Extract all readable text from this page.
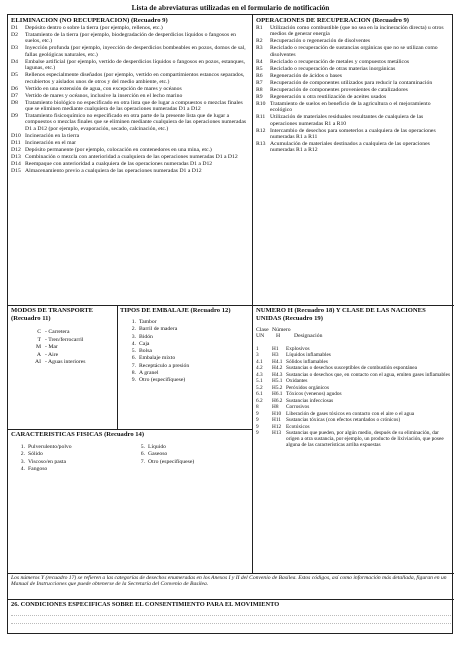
Lista de abreviaturas utilizadas en el formulario de notificación
ELIMINACION (NO RECUPERACION) (Recuadro 9)
D1	Depósito dentro o sobre la tierra (por ejemplo, rellenos, etc.)
D2	Tratamiento de la tierra (por ejemplo, biodegradación de desperdicios líquidos o fangosos en suelos, etc.)
D3	Inyección profunda (por ejemplo, inyección de desperdicios bombeables en pozos, domos de sal, fallas geológicas naturales, etc.)
D4	Embalse artificial (por ejemplo, vertido de desperdicios líquidos o fangosos en pozos, estanques, lagunas, etc.)
D5	Rellenos especialmente diseñados (por ejemplo, vertido en compartimientos estancos separados, recubiertos y aislados unos de otros y del medio ambiente, etc.)
D6	Vertido en una extensión de agua, con excepción de mares y océanos
D7	Vertido de mares y océanos, inclusive la inserción en el lecho marino
D8	Tratamiento biológico no especificado en otra lista que de lugar a compuestos o mezclas finales que se eliminen mediante cualquiera de las operaciones numeradas D1 a D12
D9	Tratamiento fisicoquímico no especificado en otra parte de la presente lista que de lugar a compuestos o mezclas finales que se eliminen mediante cualquiera de las operaciones numeradas D1 a D12 (por ejemplo, evaporación, secado, calcinación, etc.)
D10 Incineración en la tierra
D11 Incineración en el mar
D12 Depósito permanente (por ejemplo, colocación en contenedores en una mina, etc.)
D13 Combinación o mezcla con anterioridad a cualquiera de las operaciones numeradas D1 a D12
D14 Reempaque con anterioridad a cualquiera de las operaciones numeradas D1 a D12
D15 Almacenamiento previo a cualquiera de las operaciones numeradas D1 a D12
OPERACIONES DE RECUPERACION (Recuadro 9)
R1	Utilización como combustible (que no sea en la incineración directa) u otros medios de generar energía
R2	Recuperación o regeneración de disolventes
R3	Reciclado o recuperación de sustancias orgánicas que no se utilizan como disolventes
R4	Reciclado o recuperación de metales y compuestos metálicos
R5	Reciclado o recuperación de otras materias inorgánicas
R6	Regeneración de ácidos o bases
R7	Recuperación de componentes utilizados para reducir la contaminación
R8	Recuperación de componentes provenientes de catalizadores
R9	Regeneración u otra reutilización de aceites usados
R10 Tratamiento de suelos en beneficio de la agricultura o el mejoramiento ecológico
R11 Utilización de materiales residuales resultantes de cualquiera de las operaciones numeradas R1 a R10
R12 Intercambio de desechos para someterlos a cualquiera de las operaciones numeradas R1 a R11
R13 Acumulación de materiales destinados a cualquiera de las operaciones numeradas R1 a R12
MODOS DE TRANSPORTE (Recuadro 11)
C - Carretera
T - Tren/ferrocarril
M - Mar
A - Aire
AI - Aguas interiores
TIPOS DE EMBALAJE (Recuadro 12)
1. Tambor
2. Barril de madera
3. Bidón
4. Caja
5. Bolsa
6. Embalaje mixto
7. Receptáculo a presión
8. A granel
9. Otro (especifíquese)
CARACTERISTICAS FISICAS (Recuadro 14)
1. Pulverulento/polvo
2. Sólido
3. Viscoso/en pasta
4. Fangoso
5. Líquido
6. Gaseoso
7. Otro (especifíquese)
NUMERO H (Recuadro 18) Y CLASE DE LAS NACIONES UNIDAS (Recuadro 19)
Clase Número
UN	H	Designación
1	H1	Explosivos
3	H3	Líquidos inflamables
4.1	H4.1 Sólidos inflamables
4.2	H4.2 Sustancias o desechos susceptibles de combustión espontánea
4.3	H4.3 Sustancias o desechos que, en contacto con el agua, emiten gases inflamables
5.1	H5.1 Oxidantes
5.2	H5.2 Peróxidos orgánicos
6.1	H6.1 Tóxicos (venenos) agudos
6.2	H6.2 Sustancias infecciosas
8	H8	Corrosivos
9	H10 Liberación de gases tóxicos en contacto con el aire o el agua
9	H11 Sustancias tóxicas (con efectos retardados o crónicos)
9	H12 Ecotóxicos
9	H13 Sustancias que pueden, por algún medio, después de su eliminación, dar origen a otra sustancia, por ejemplo, un producto de lixiviación, que posee alguna de las características arriba expuestas
Los números Y (recuadro 17) se refieren a las categorías de desechos enumeradas en los Anexos I y II del Convenio de Basilea. Estos códigos, así como información más detallada, figuran en un Manual de Instrucciones que puede obtenerse de la Secretaría del Convenio de Basilea.
26. CONDICIONES ESPECIFICAS SOBRE EL CONSENTIMIENTO PARA EL MOVIMIENTO
